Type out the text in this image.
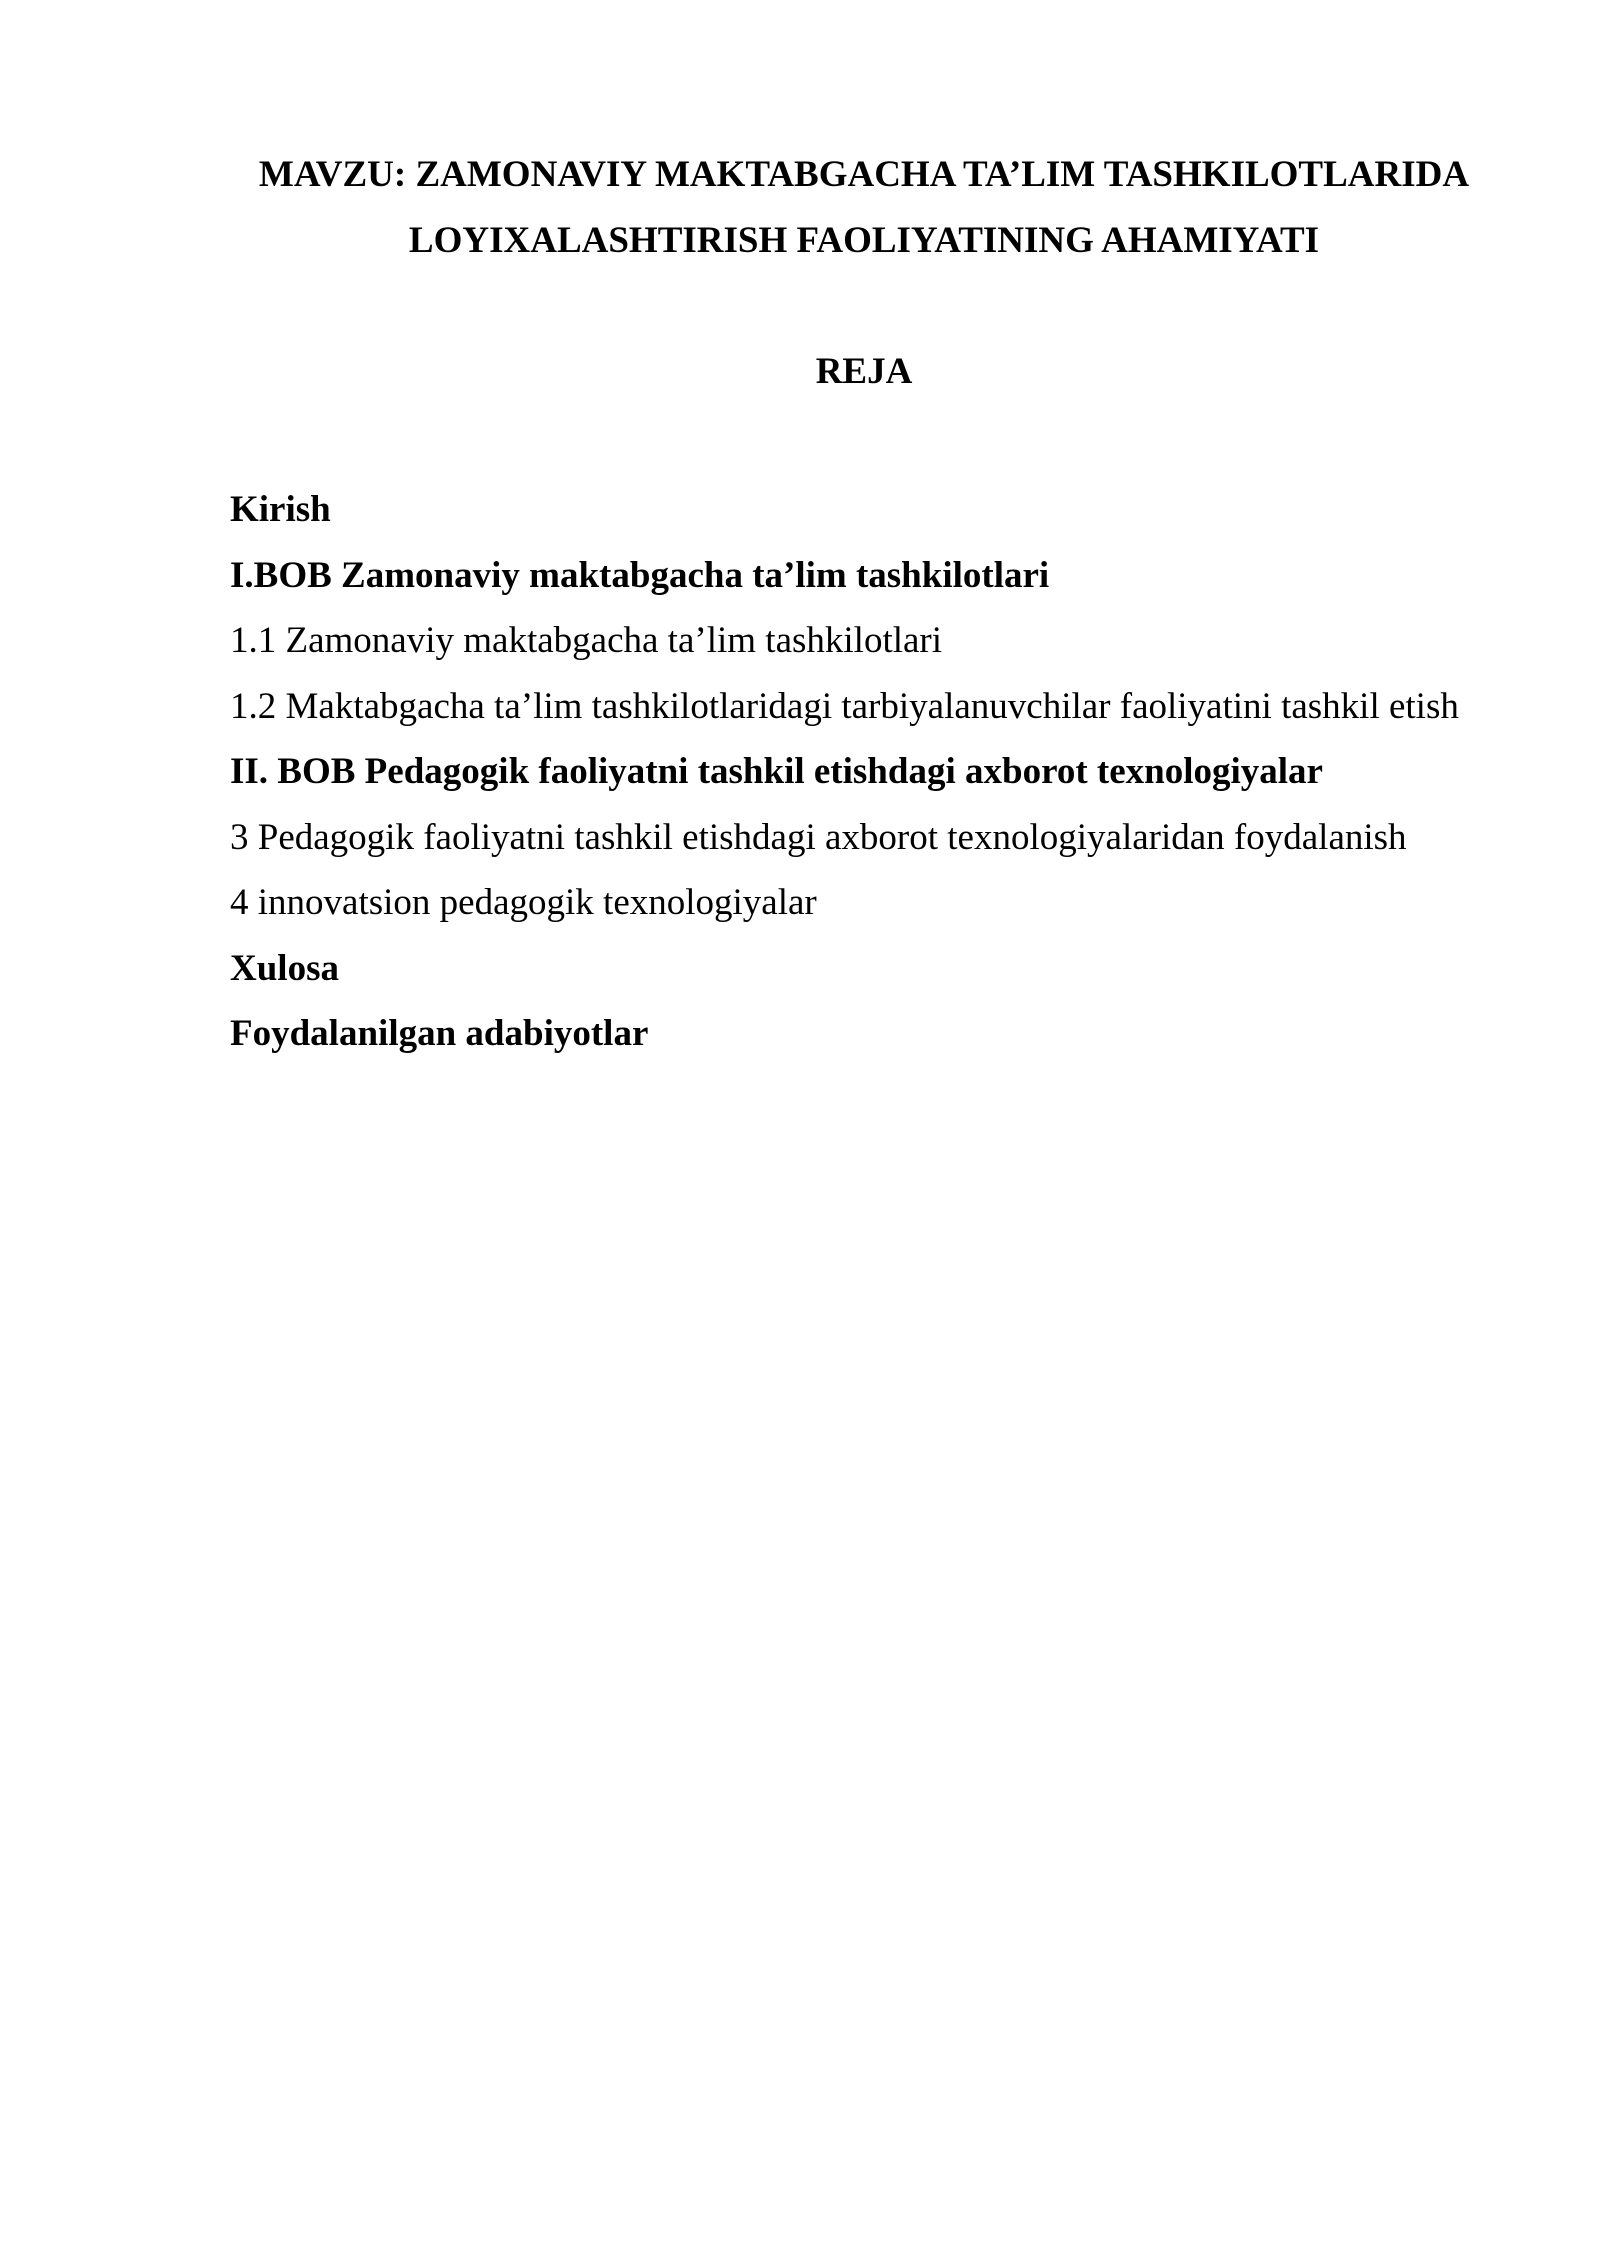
MAVZU: ZAMONAVIY MAKTABGACHA TA’LIM TASHKILOTLARIDA
LOYIXALASHTIRISH FAOLIYATINING AHAMIYATI
REJA
Kirish
I.BOB Zamonaviy maktabgacha ta’lim tashkilotlari
1.1 Zamonaviy maktabgacha ta’lim tashkilotlari
1.2 Maktabgacha ta’lim tashkilotlaridagi tarbiyalanuvchilar faoliyatini tashkil etish
II. BOB Pedagogik faoliyatni tashkil etishdagi axborot texnologiyalar
3 Pedagogik faoliyatni tashkil etishdagi axborot texnologiyalaridan foydalanish
4 innovatsion pedagogik texnologiyalar
Xulosa
Foydalanilgan adabiyotlar
